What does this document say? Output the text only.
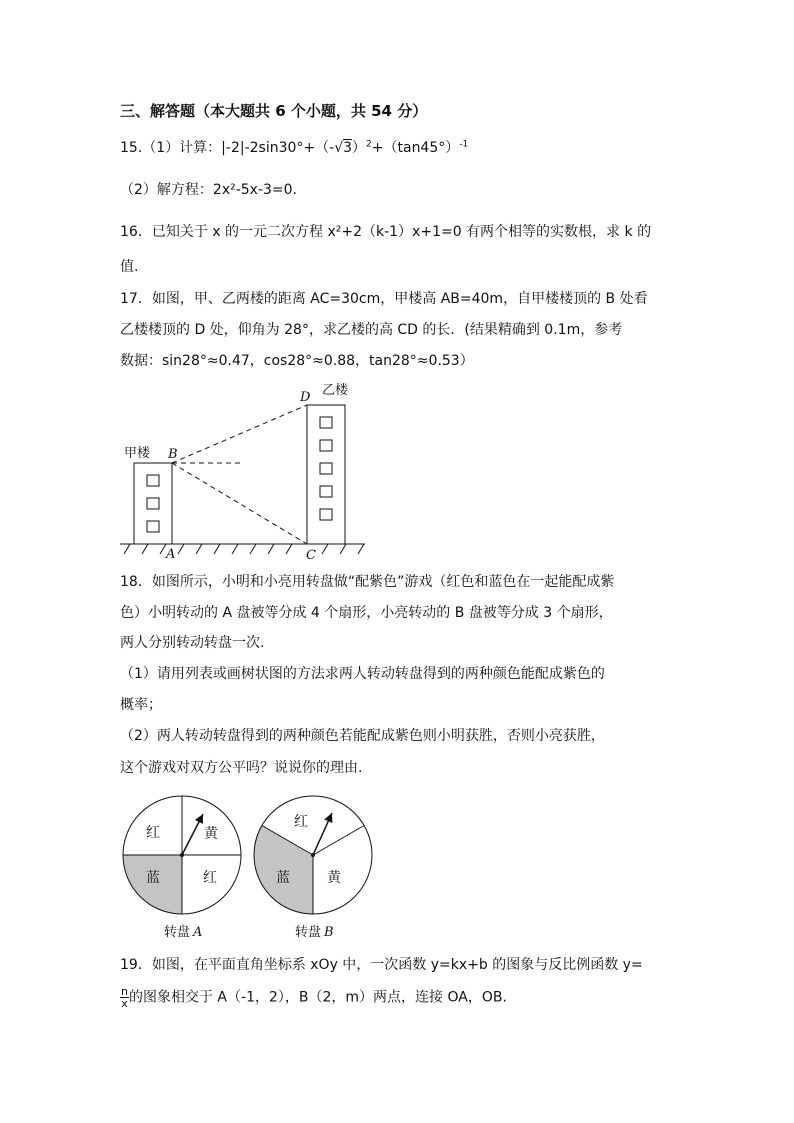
三、解答题（本大题共 6 个小题，共 54 分）
15.（1）计算：$|-2|-2\sin 30^\circ+(-√3)^2+(\tan 45^\circ)^{-1}$
（2）解方程：2x²-5x-3=0.
16．已知关于 x 的一元二次方程 x²+2（k-1）x+1=0 有两个相等的实数根，求 k 的
值.
17．如图，甲、乙两楼的距离 AC=30cm，甲楼高 AB=40m，自甲楼楼顶的 B 处看
乙楼楼顶的 D 处，仰角为 28°，求乙楼的高 CD 的长．(结果精确到 0.1m，参考
数据：sin28°≈0.47，cos28°≈0.88，tan28°≈0.53）
甲楼
乙楼
B
D
A	C
18．如图所示，小明和小亮用转盘做“配紫色”游戏（红色和蓝色在一起能配成紫
色）小明转动的 A 盘被等分成 4 个扇形，小亮转动的 B 盘被等分成 3 个扇形，
两人分别转动转盘一次.
（1）请用列表或画树状图的方法求两人转动转盘得到的两种颜色能配成紫色的
概率；
（2）两人转动转盘得到的两种颜色若能配成紫色则小明获胜，否则小亮获胜，
这个游戏对双方公平吗？说说你的理由.
红	黄
蓝	红
转盘 A
红
黄
蓝
转盘 B
19．如图，在平面直角坐标系 xOy 中，一次函数 y=kx+b 的图象与反比例函数 y=
$\frac{n}{x}$ 的图象相交于 A（-1，2），B（2，m）两点，连接 OA，OB.
